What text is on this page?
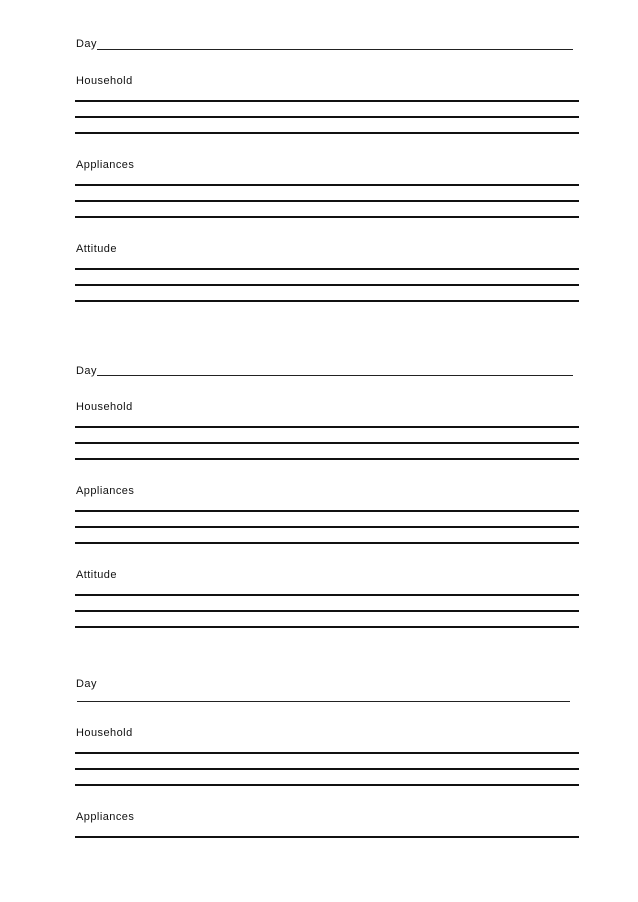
Day
Household
Appliances
Attitude
Day
Household
Appliances
Attitude
Day
Household
Appliances
